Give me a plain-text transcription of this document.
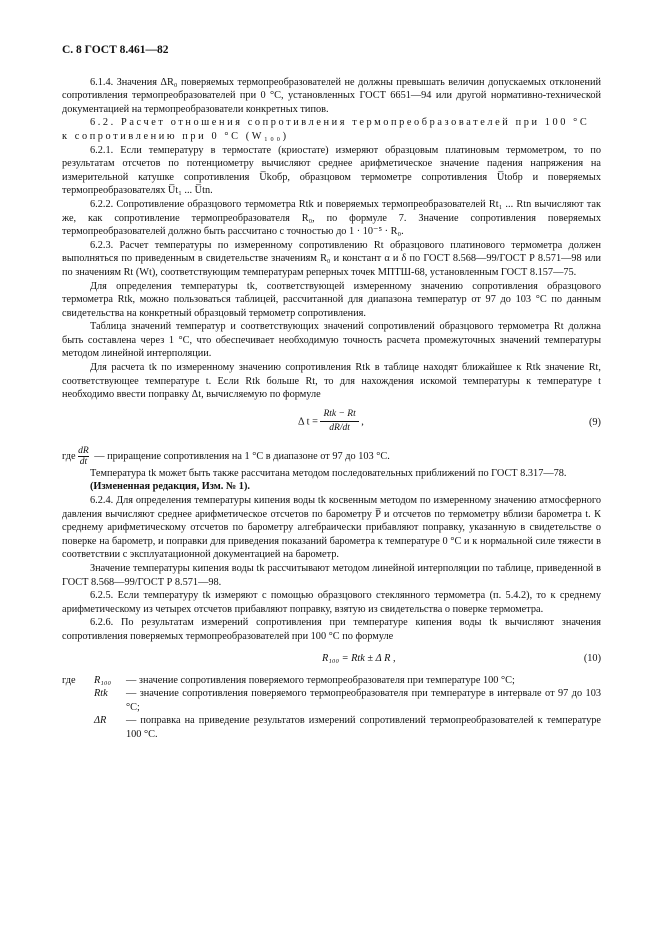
С. 8 ГОСТ 8.461—82

6.1.4. Значения ΔR₀ поверяемых термопреобразователей не должны превышать величин допускаемых отклонений сопротивления термопреобразователей при 0 °С, установленных ГОСТ 6651—94 или другой нормативно-технической документацией на термопреобразователи конкретных типов.

6.2. Расчет отношения сопротивления термопреобразователей при 100 °С

к сопротивлению при 0 °С (W₁₀₀)

6.2.1. Если температуру в термостате (криостате) измеряют образцовым платиновым термометром, то по результатам отсчетов по потенциометру вычисляют среднее арифметическое значение падения напряжения на измерительной катушке сопротивления U̅kобр, образцовом термометре сопротивления U̅tобр и поверяемых термопреобразователях U̅t₁ ... U̅tn.

6.2.2. Сопротивление образцового термометра Rtk и поверяемых термопреобразователей Rt₁ ... Rtn вычисляют так же, как сопротивление термопреобразователя R₀, по формуле 7. Значение сопротивления поверяемых термопреобразователей должно быть рассчитано с точностью до 1 · 10⁻⁵ · R₀.

6.2.3. Расчет температуры по измеренному сопротивлению Rt образцового платинового термометра должен выполняться по приведенным в свидетельстве значениям R₀ и констант α и δ по ГОСТ 8.568—99/ГОСТ Р 8.571—98 или по значениям Rt (Wt), соответствующим температурам реперных точек МПТШ-68, установленным ГОСТ 8.157—75.

Для определения температуры tk, соответствующей измеренному значению сопротивления образцового термометра Rtk, можно пользоваться таблицей, рассчитанной для диапазона температур от 97 до 103 °С по данным свидетельства на конкретный образцовый термометр сопротивления.

Таблица значений температур и соответствующих значений сопротивлений образцового термометра Rt должна быть составлена через 1 °С, что обеспечивает необходимую точность расчета промежуточных значений температуры методом линейной интерполяции.

Для расчета tk по измеренному значению сопротивления Rtk в таблице находят ближайшее к Rtk значение Rt, соответствующее температуре t. Если Rtk больше Rt, то для нахождения искомой температуры к температуре t необходимо ввести поправку Δt, вычисляемую по формуле

Δ $t = \frac{\text{Rtk − Rt}}{dR/dt}$ ,	(9)

где $\frac{dR}{dt}$ — приращение сопротивления на 1 °С в диапазоне от 97 до 103 °С.

Температура tk может быть также рассчитана методом последовательных приближений по ГОСТ 8.317—78.

(Измененная редакция, Изм. № 1).

6.2.4. Для определения температуры кипения воды tk косвенным методом по измеренному значению атмосферного давления вычисляют среднее арифметическое отсчетов по барометру P̅ и отсчетов по термометру вблизи барометра t. К среднему арифметическому отсчетов по барометру алгебраически прибавляют поправку, указанную в свидетельстве о поверке на барометр, и поправки для приведения показаний барометра к температуре 0 °С и к нормальной силе тяжести в соответствии с эксплуатационной документацией на барометр.

Значение температуры кипения воды tk рассчитывают методом линейной интерполяции по таблице, приведенной в ГОСТ 8.568—99/ГОСТ Р 8.571—98.

6.2.5. Если температуру tk измеряют с помощью образцового стеклянного термометра (п. 5.4.2), то к среднему арифметическому из четырех отсчетов прибавляют поправку, взятую из свидетельства о поверке термометра.

6.2.6. По результатам измерений сопротивления при температуре кипения воды tk вычисляют значения сопротивления поверяемых термопреобразователей при 100 °С по формуле

R₁₀₀ = Rtk ± Δ R ,	(10)
где	R₁₀₀	— значение сопротивления поверяемого термопреобразователя при температуре 100 °С;
	Rtk	— значение сопротивления поверяемого термопреобразователя при температуре в интервале от 97 до 103 °С;
	ΔR	— поправка на приведение результатов измерений сопротивлений термопреобразователей к температуре 100 °С.
